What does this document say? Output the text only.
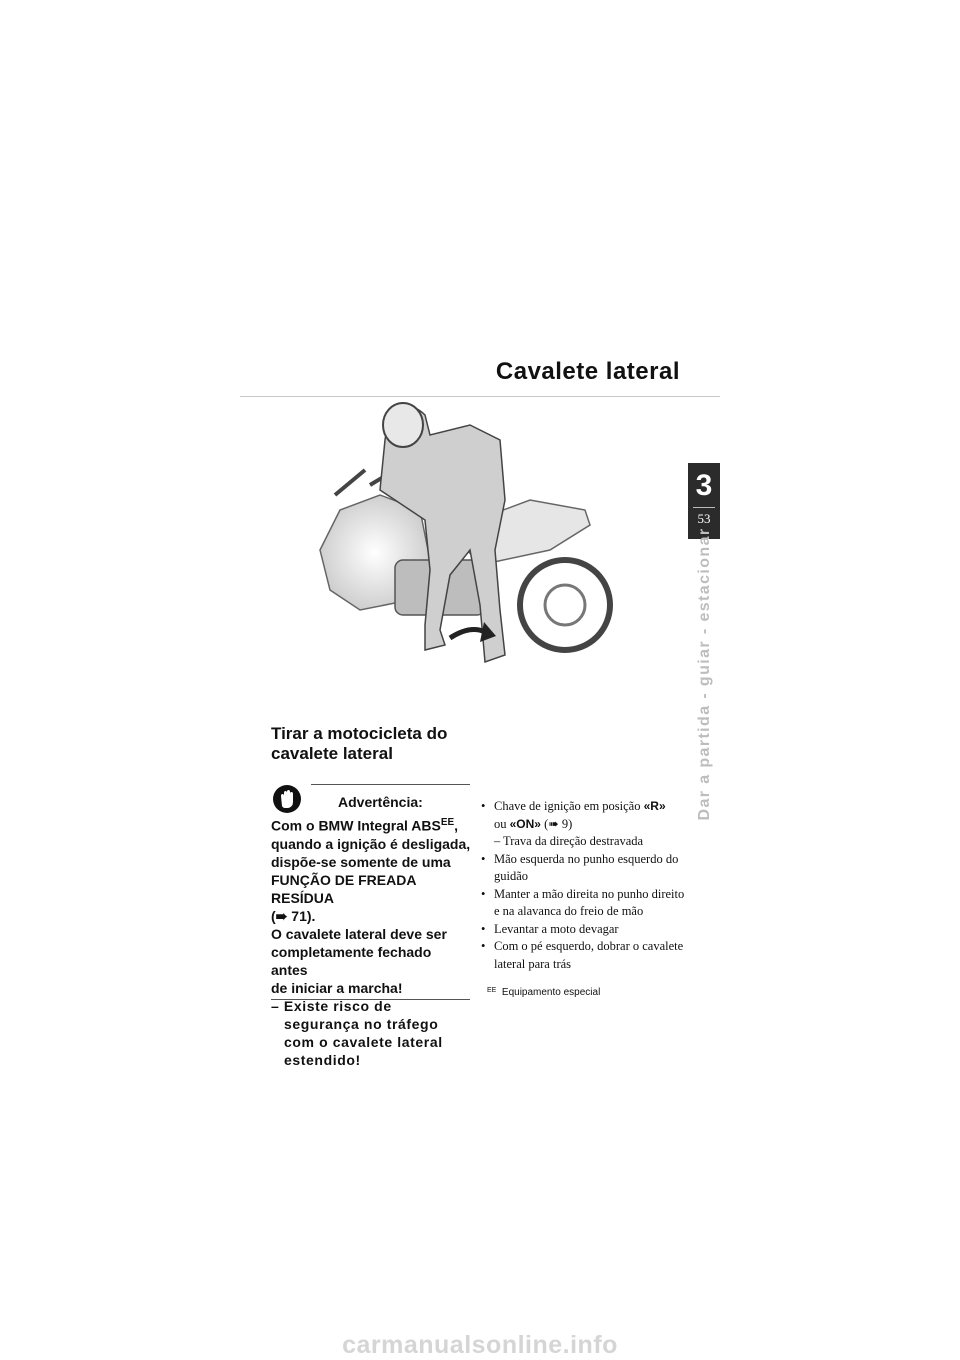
Cavalete lateral
3
53
Dar a partida - guiar - estacionar
Tirar a motocicleta do
cavalete lateral
Advertência:

Com o BMW Integral $ABS^{EE}$,

quando a ignição é desligada,

dispõe-se somente de uma

FUNÇÃO DE FREADA RESÍDUA

(➠ 71).

O cavalete lateral deve ser

completamente fechado antes

de iniciar a marcha!

– Existe risco de segurança no tráfego com o cavalete lateral estendido!

• Chave de ignição em posição «R»
ou «ON» (➠ 9)
– Trava da direção destravada
• Mão esquerda no punho esquerdo do guidão
• Manter a mão direita no punho direito e na alavanca do freio de mão
• Levantar a moto devagar
• Com o pé esquerdo, dobrar o cavalete lateral para trás
$^{EE}$ Equipamento especial
carmanualsonline.info
